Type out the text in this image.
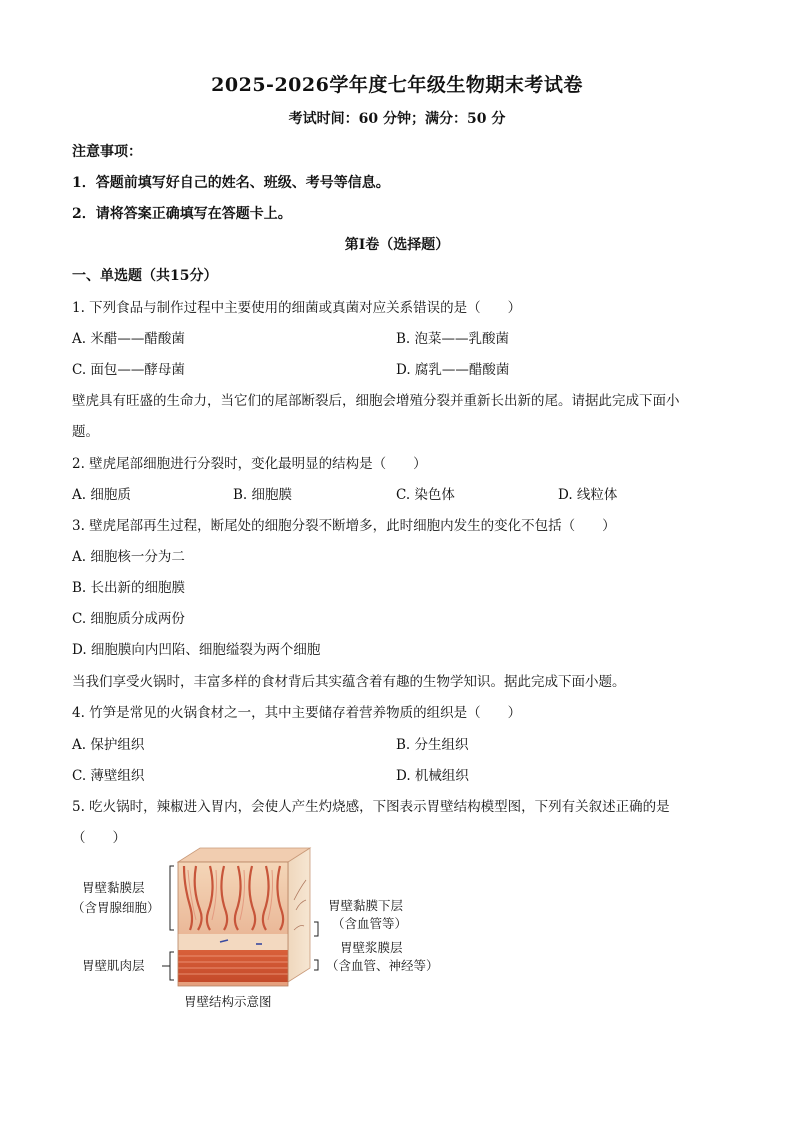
2025-2026学年度七年级生物期末考试卷
考试时间：60 分钟；满分：50 分
注意事项：
1．答题前填写好自己的姓名、班级、考号等信息。
2．请将答案正确填写在答题卡上。
第Ⅰ卷（选择题）
一、单选题（共15分）
1. 下列食品与制作过程中主要使用的细菌或真菌对应关系错误的是（　　）
A. 米醋——醋酸菌	B. 泡菜——乳酸菌
C. 面包——酵母菌	D. 腐乳——醋酸菌
壁虎具有旺盛的生命力，当它们的尾部断裂后，细胞会增殖分裂并重新长出新的尾。请据此完成下面小
题。
2. 壁虎尾部细胞进行分裂时，变化最明显的结构是（　　）
A. 细胞质	B. 细胞膜	C. 染色体	D. 线粒体
3. 壁虎尾部再生过程，断尾处的细胞分裂不断增多，此时细胞内发生的变化不包括（　　）
A. 细胞核一分为二
B. 长出新的细胞膜
C. 细胞质分成两份
D. 细胞膜向内凹陷、细胞缢裂为两个细胞
当我们享受火锅时，丰富多样的食材背后其实蕴含着有趣的生物学知识。据此完成下面小题。
4. 竹笋是常见的火锅食材之一，其中主要储存着营养物质的组织是（　　）
A. 保护组织	B. 分生组织
C. 薄壁组织	D. 机械组织
5. 吃火锅时，辣椒进入胃内，会使人产生灼烧感，下图表示胃壁结构模型图，下列有关叙述正确的是
（　　）
胃壁黏膜层
（含胃腺细胞）
胃壁肌肉层
胃壁黏膜下层
（含血管等）
胃壁浆膜层
（含血管、神经等）
胃壁结构示意图
